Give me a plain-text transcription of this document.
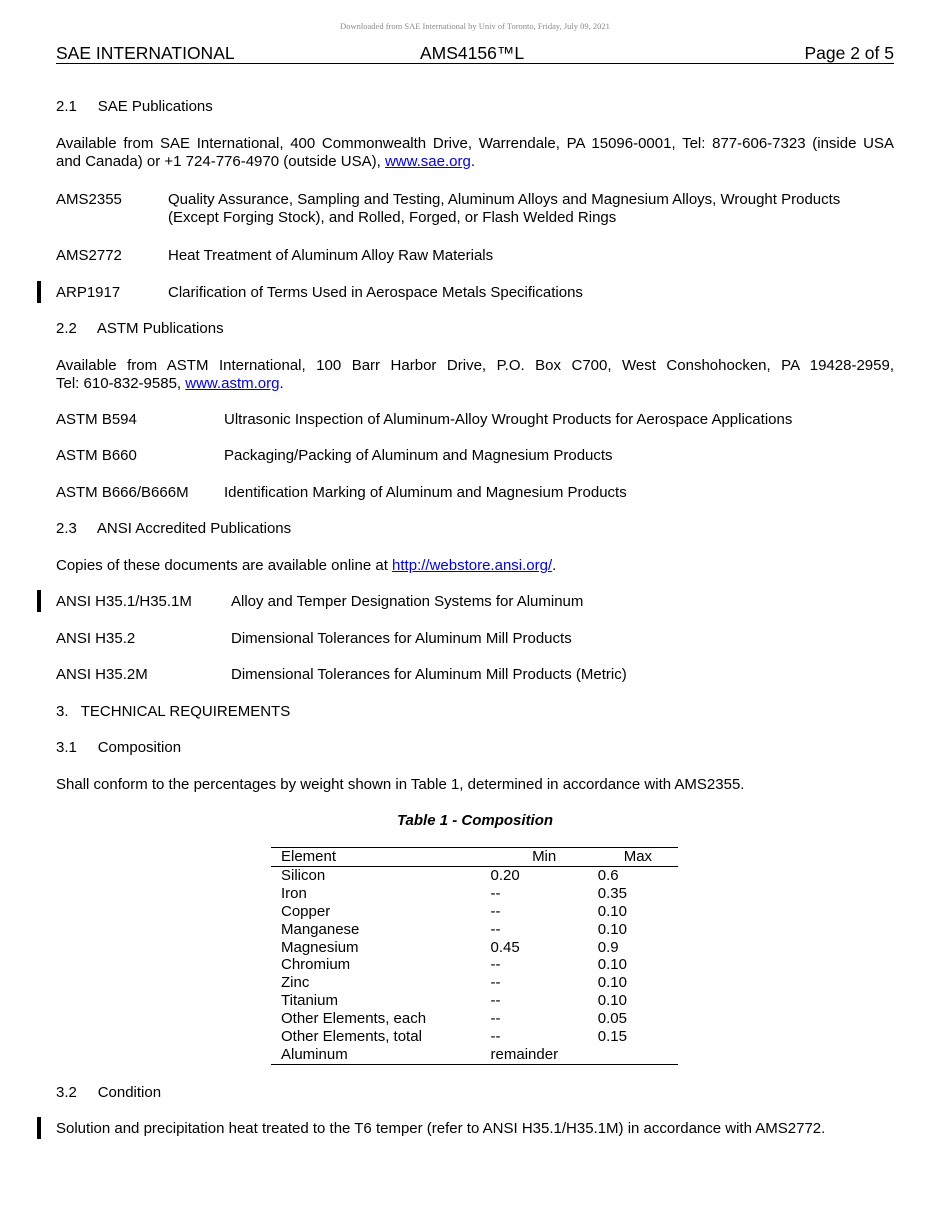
Downloaded from SAE International by Univ of Toronto, Friday, July 09, 2021
SAE INTERNATIONAL	AMS4156™L	Page 2 of 5
2.1     SAE Publications
Available from SAE International, 400 Commonwealth Drive, Warrendale, PA 15096-0001, Tel: 877-606-7323 (inside USA
and Canada) or +1 724-776-4970 (outside USA), www.sae.org.
AMS2355	Quality Assurance, Sampling and Testing, Aluminum Alloys and Magnesium Alloys, Wrought Products
(Except Forging Stock), and Rolled, Forged, or Flash Welded Rings
AMS2772	Heat Treatment of Aluminum Alloy Raw Materials
ARP1917	Clarification of Terms Used in Aerospace Metals Specifications
2.2     ASTM Publications
Available from ASTM International, 100 Barr Harbor Drive, P.O. Box C700, West Conshohocken, PA 19428-2959,
Tel: 610-832-9585, www.astm.org.
ASTM B594	Ultrasonic Inspection of Aluminum-Alloy Wrought Products for Aerospace Applications
ASTM B660	Packaging/Packing of Aluminum and Magnesium Products
ASTM B666/B666M Identification Marking of Aluminum and Magnesium Products
2.3     ANSI Accredited Publications
Copies of these documents are available online at http://webstore.ansi.org/.
ANSI H35.1/H35.1M	Alloy and Temper Designation Systems for Aluminum
ANSI H35.2	Dimensional Tolerances for Aluminum Mill Products
ANSI H35.2M	Dimensional Tolerances for Aluminum Mill Products (Metric)
3.   TECHNICAL REQUIREMENTS
3.1     Composition
Shall conform to the percentages by weight shown in Table 1, determined in accordance with AMS2355.
Table 1 - Composition
Element	Min	Max
Silicon	0.20	0.6
Iron	--	0.35
Copper	--	0.10
Manganese	--	0.10
Magnesium	0.45	0.9
Chromium	--	0.10
Zinc	--	0.10
Titanium	--	0.10
Other Elements, each	--	0.05
Other Elements, total	--	0.15
Aluminum	remainder	
3.2     Condition
Solution and precipitation heat treated to the T6 temper (refer to ANSI H35.1/H35.1M) in accordance with AMS2772.
